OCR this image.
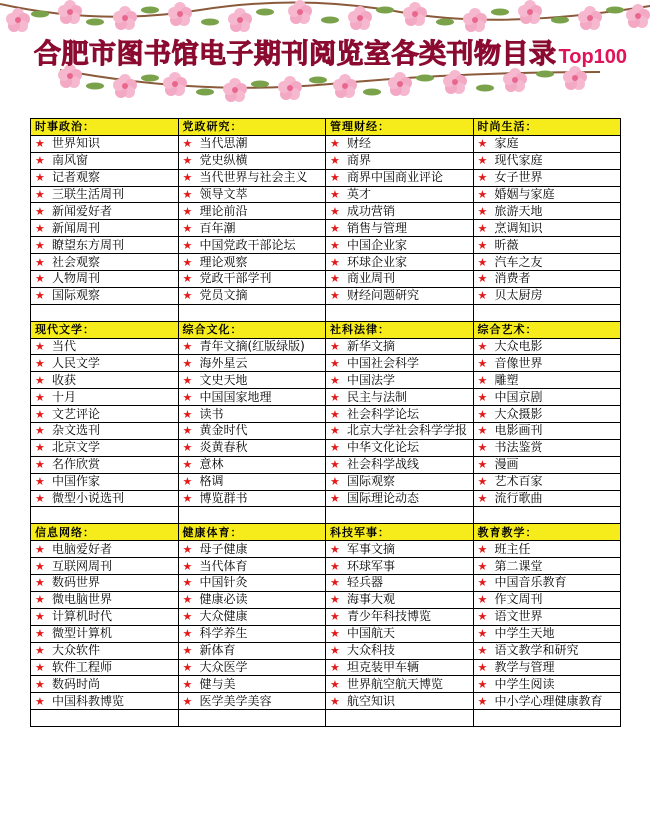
合肥市图书馆电子期刊阅览室各类刊物目录 Top100
时事政治：	党政研究：	管理财经：	时尚生活：
★ 世界知识	★ 当代思潮	★ 财经	★ 家庭
★ 南风窗	★ 党史纵横	★ 商界	★ 现代家庭
★ 记者观察	★ 当代世界与社会主义	★ 商界中国商业评论	★ 女子世界
★ 三联生活周刊	★ 领导文萃	★ 英才	★ 婚姻与家庭
★ 新闻爱好者	★ 理论前沿	★ 成功营销	★ 旅游天地
★ 新闻周刊	★ 百年潮	★ 销售与管理	★ 烹调知识
★ 瞭望东方周刊	★ 中国党政干部论坛	★ 中国企业家	★ 昕薇
★ 社会观察	★ 理论观察	★ 环球企业家	★ 汽车之友
★ 人物周刊	★ 党政干部学刊	★ 商业周刊	★ 消费者
★ 国际观察	★ 党员文摘	★ 财经问题研究	★ 贝太厨房

现代文学：	综合文化：	社科法律：	综合艺术：
★ 当代	★ 青年文摘(红版绿版)	★ 新华文摘	★ 大众电影
★ 人民文学	★ 海外星云	★ 中国社会科学	★ 音像世界
★ 收获	★ 文史天地	★ 中国法学	★ 雕塑
★ 十月	★ 中国国家地理	★ 民主与法制	★ 中国京剧
★ 文艺评论	★ 读书	★ 社会科学论坛	★ 大众摄影
★ 杂文选刊	★ 黄金时代	★ 北京大学社会科学学报	★ 电影画刊
★ 北京文学	★ 炎黄春秋	★ 中华文化论坛	★ 书法鉴赏
★ 名作欣赏	★ 意林	★ 社会科学战线	★ 漫画
★ 中国作家	★ 格调	★ 国际观察	★ 艺术百家
★ 微型小说选刊	★ 博览群书	★ 国际理论动态	★ 流行歌曲

信息网络：	健康体育：	科技军事：	教育教学：
★ 电脑爱好者	★ 母子健康	★ 军事文摘	★ 班主任
★ 互联网周刊	★ 当代体育	★ 环球军事	★ 第二课堂
★ 数码世界	★ 中国针灸	★ 轻兵器	★ 中国音乐教育
★ 微电脑世界	★ 健康必读	★ 海事大观	★ 作文周刊
★ 计算机时代	★ 大众健康	★ 青少年科技博览	★ 语文世界
★ 微型计算机	★ 科学养生	★ 中国航天	★ 中学生天地
★ 大众软件	★ 新体育	★ 大众科技	★ 语文教学和研究
★ 软件工程师	★ 大众医学	★ 坦克装甲车辆	★ 教学与管理
★ 数码时尚	★ 健与美	★ 世界航空航天博览	★ 中学生阅读
★ 中国科教博览	★ 医学美学美容	★ 航空知识	★ 中小学心理健康教育
